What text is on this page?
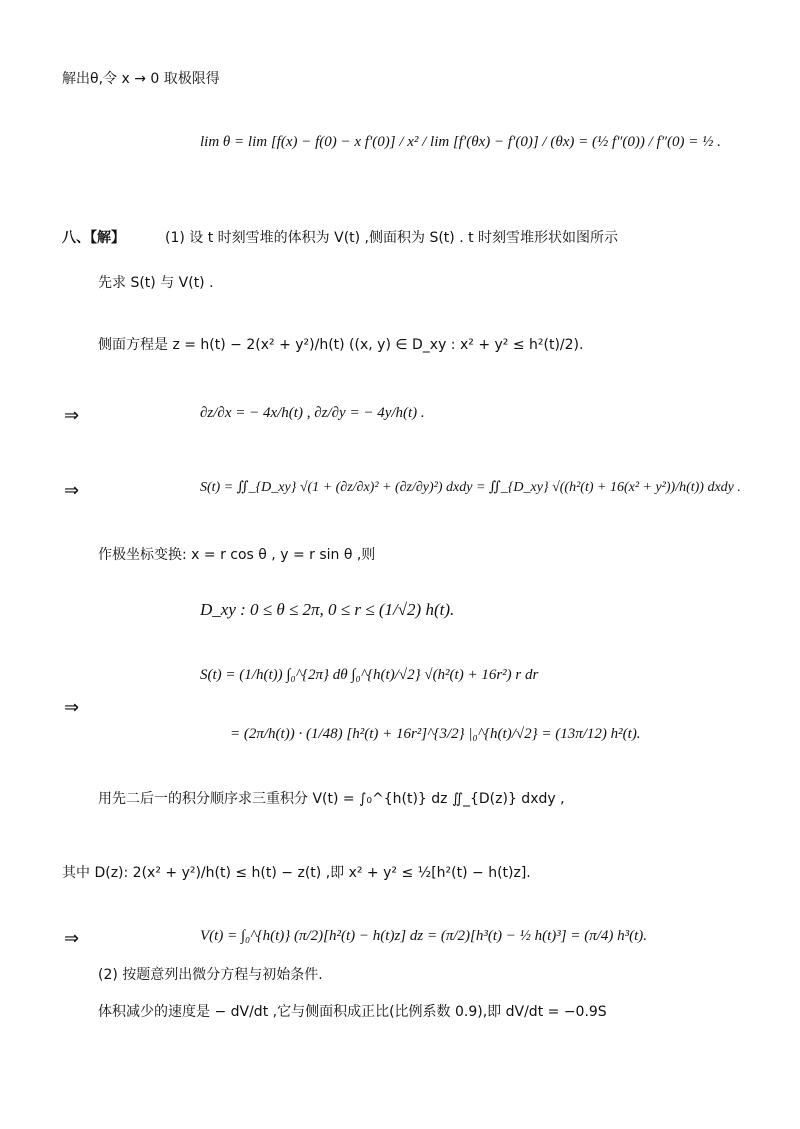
解出θ,令 x → 0 取极限得
lim θ = lim [f(x) − f(0) − x f′(0)] / x² / lim [f′(θx) − f′(0)] / (θx) = (½ f″(0)) / f″(0) = ½ .
八、【解】	(1) 设 t 时刻雪堆的体积为 V(t) ,侧面积为 S(t) . t 时刻雪堆形状如图所示
先求 S(t) 与 V(t) .
侧面方程是 z = h(t) − 2(x² + y²)/h(t) ((x, y) ∈ D_xy : x² + y² ≤ h²(t)/2).
⇒	∂z/∂x = − 4x/h(t) , ∂z/∂y = − 4y/h(t) .
⇒	S(t) = ∬_{D_xy} √(1 + (∂z/∂x)² + (∂z/∂y)²) dxdy = ∬_{D_xy} √((h²(t) + 16(x² + y²))/h(t)) dxdy .
作极坐标变换: x = r cos θ , y = r sin θ ,则
D_xy : 0 ≤ θ ≤ 2π, 0 ≤ r ≤ (1/√2) h(t).
⇒
S(t) = (1/h(t)) ∫₀^{2π} dθ ∫₀^{h(t)/√2} √(h²(t) + 16r²) r dr
= (2π/h(t)) · (1/48) [h²(t) + 16r²]^{3/2} |₀^{h(t)/√2} = (13π/12) h²(t).
用先二后一的积分顺序求三重积分 V(t) = ∫₀^{h(t)} dz ∬_{D(z)} dxdy ,
其中 D(z): 2(x² + y²)/h(t) ≤ h(t) − z(t) ,即 x² + y² ≤ ½[h²(t) − h(t)z].
⇒	V(t) = ∫₀^{h(t)} (π/2)[h²(t) − h(t)z] dz = (π/2)[h³(t) − ½ h(t)³] = (π/4) h³(t).
(2) 按题意列出微分方程与初始条件.
体积减少的速度是 − dV/dt ,它与侧面积成正比(比例系数 0.9),即 dV/dt = −0.9S
